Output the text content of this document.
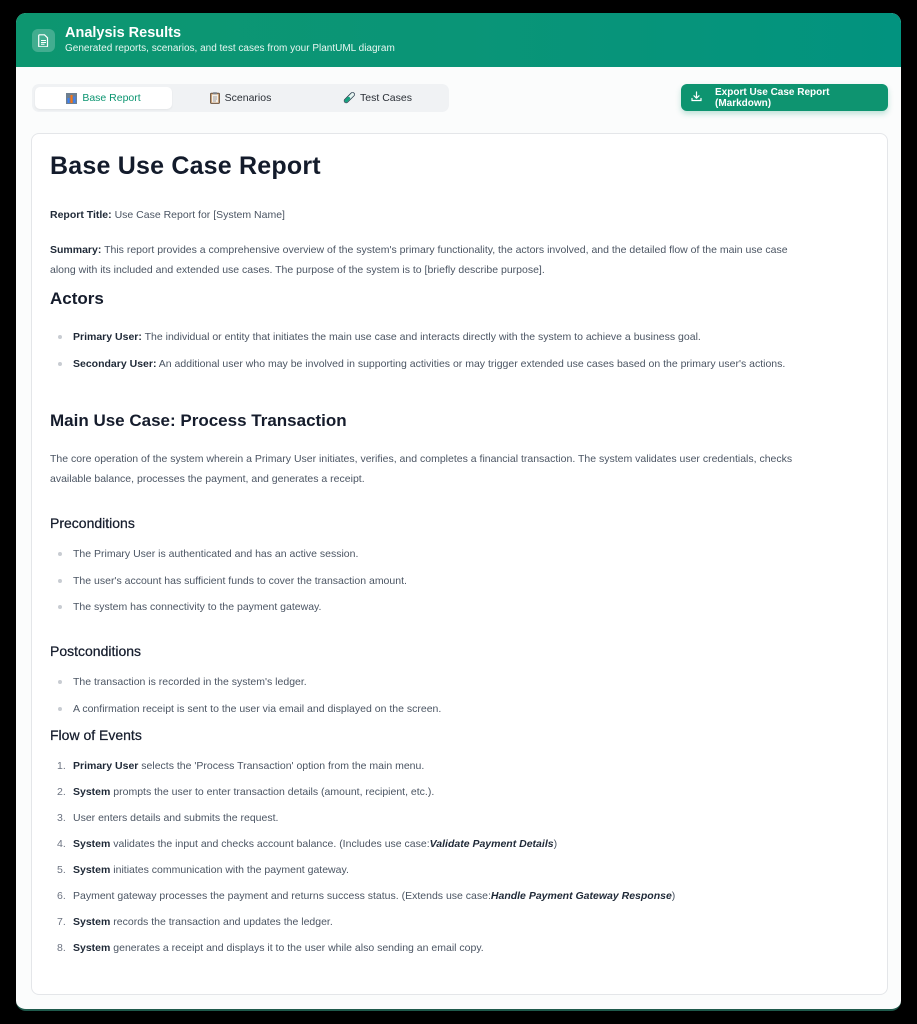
Analysis Results
Generated reports, scenarios, and test cases from your PlantUML diagram
Base Report	Scenarios	Test Cases	Export Use Case Report (Markdown)
Base Use Case Report

Report Title: Use Case Report for [System Name]

Summary: This report provides a comprehensive overview of the system's primary functionality, the actors involved, and the detailed flow of the main use case
along with its included and extended use cases. The purpose of the system is to [briefly describe purpose].

Actors
Primary User: The individual or entity that initiates the main use case and interacts directly with the system to achieve a business goal.
Secondary User: An additional user who may be involved in supporting activities or may trigger extended use cases based on the primary user's actions.
Main Use Case: Process Transaction

The core operation of the system wherein a Primary User initiates, verifies, and completes a financial transaction. The system validates user credentials, checks
available balance, processes the payment, and generates a receipt.

Preconditions
The Primary User is authenticated and has an active session.
The user's account has sufficient funds to cover the transaction amount.
The system has connectivity to the payment gateway.
Postconditions
The transaction is recorded in the system's ledger.
A confirmation receipt is sent to the user via email and displayed on the screen.
Flow of Events
1. Primary User selects the 'Process Transaction' option from the main menu.
2. System prompts the user to enter transaction details (amount, recipient, etc.).
3. User enters details and submits the request.
4. System validates the input and checks account balance. (Includes use case:Validate Payment Details)
5. System initiates communication with the payment gateway.
6. Payment gateway processes the payment and returns success status. (Extends use case:Handle Payment Gateway Response)
7. System records the transaction and updates the ledger.
8. System generates a receipt and displays it to the user while also sending an email copy.
